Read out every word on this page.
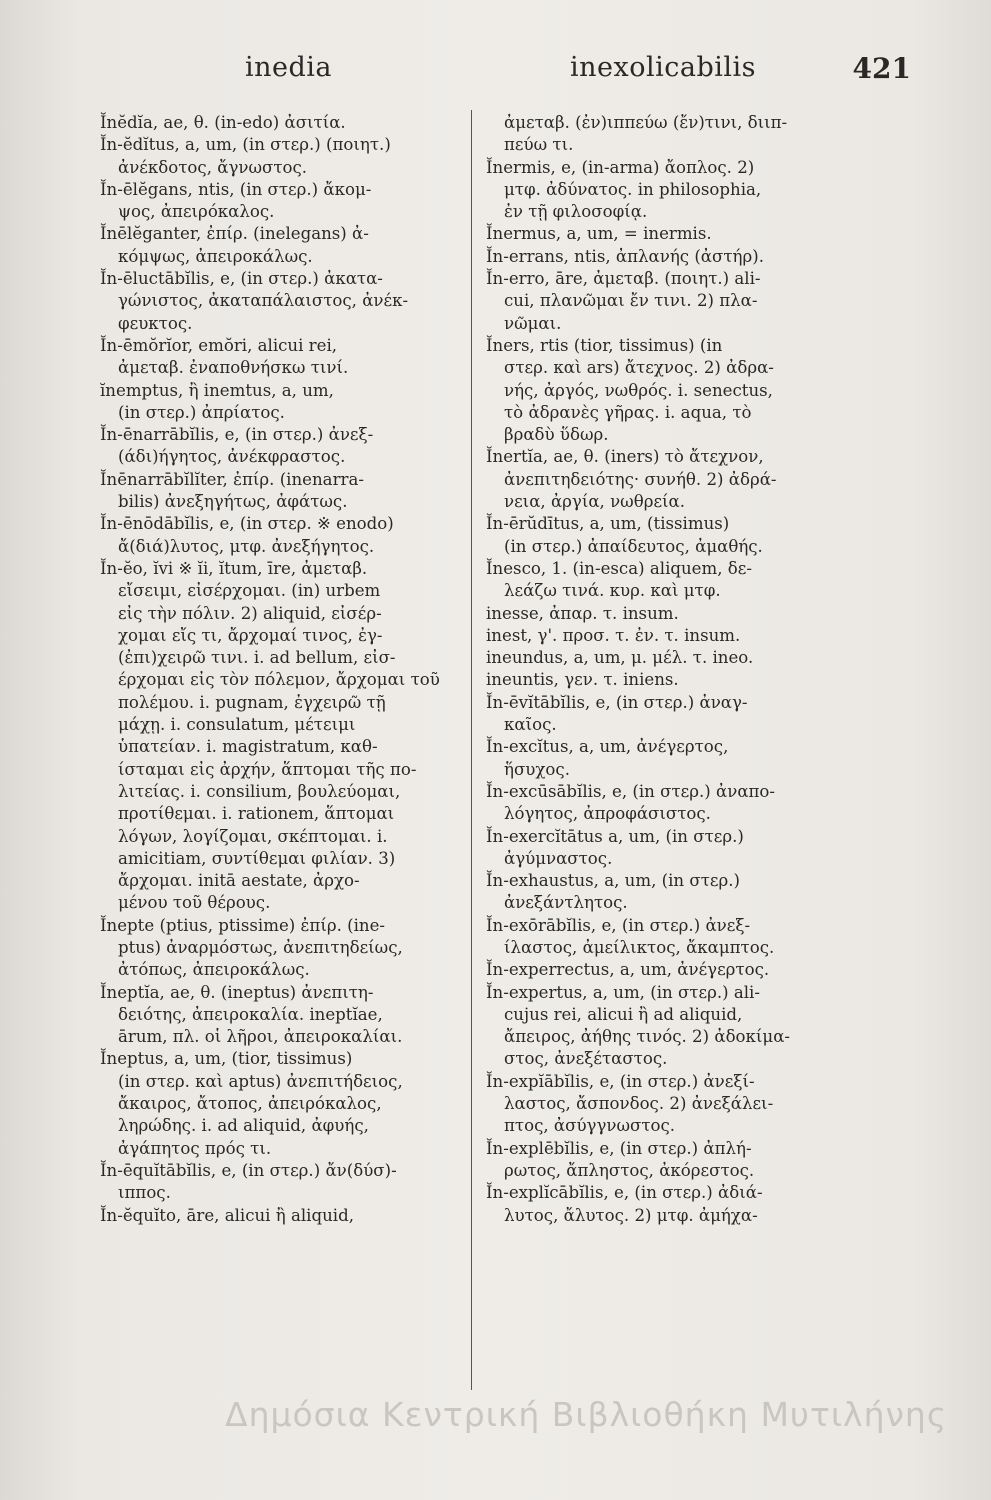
inedia	inexolicabilis	421
Ĭnĕdĭa, ae, θ. (in-edo) ἀσιτία.
Ĭn-ĕdĭtus, a, um, (in στερ.) (ποιητ.)
ἀνέκδοτος, ἄγνωστος.
Ĭn-ēlĕgans, ntis, (in στερ.) ἄκομ-
ψος, ἀπειρόκαλος.
Ĭnēlĕganter, ἐπίρ. (inelegans) ἀ-
κόμψως, ἀπειροκάλως.
Ĭn-ēluctābĭlis, e, (in στερ.) ἀκατα-
γώνιστος, ἀκαταπάλαιστος, ἀνέκ-
φευκτος.
Ĭn-ēmŏrĭor, emŏri, alicui rei,
ἀμεταβ. ἐναποθνήσκω τινί.
ĭnemptus, ἢ inemtus, a, um,
(in στερ.) ἀπρίατος.
Ĭn-ēnarrābĭlis, e, (in στερ.) ἀνεξ-
(άδι)ήγητος, ἀνέκφραστος.
Ĭnēnarrābĭlĭter, ἐπίρ. (inenarra-
bilis) ἀνεξηγήτως, ἀφάτως.
Ĭn-ēnōdābĭlis, e, (in στερ. ※ enodo)
ἄ(διά)λυτος, μτφ. ἀνεξήγητος.
Ĭn-ĕo, ĭvi ※ ĭi, ĭtum, īre, ἀμεταβ.
εἴσειμι, εἰσέρχομαι. (in) urbem
εἰς τὴν πόλιν. 2) aliquid, εἰσέρ-
χομαι εἴς τι, ἄρχομαί τινος, ἐγ-
(ἐπι)χειρῶ τινι. i. ad bellum, εἰσ-
έρχομαι εἰς τὸν πόλεμον, ἄρχομαι τοῦ
πολέμου. i. pugnam, ἐγχειρῶ τῇ
μάχῃ. i. consulatum, μέτειμι
ὑπατείαν. i. magistratum, καθ-
ίσταμαι εἰς ἀρχήν, ἅπτομαι τῆς πο-
λιτείας. i. consilium, βουλεύομαι,
προτίθεμαι. i. rationem, ἅπτομαι
λόγων, λογίζομαι, σκέπτομαι. i.
amicitiam, συντίθεμαι φιλίαν. 3)
ἄρχομαι. initā aestate, ἀρχο-
μένου τοῦ θέρους.
Ĭnepte (ptius, ptissime) ἐπίρ. (ine-
ptus) ἀναρμόστως, ἀνεπιτηδείως,
ἀτόπως, ἀπειροκάλως.
Ĭneptĭa, ae, θ. (ineptus) ἀνεπιτη-
δειότης, ἀπειροκαλία. ineptĭae,
ārum, πλ. οἱ λῆροι, ἀπειροκαλίαι.
Ĭneptus, a, um, (tior, tissimus)
(in στερ. καὶ aptus) ἀνεπιτήδειος,
ἄκαιρος, ἄτοπος, ἀπειρόκαλος,
ληρώδης. i. ad aliquid, ἀφυής,
ἀγάπητος πρός τι.
Ĭn-ēquĭtābĭlis, e, (in στερ.) ἄν(δύσ)-
ιππος.
Ĭn-ĕquĭto, āre, alicui ἢ aliquid,
ἀμεταβ. (ἐν)ιππεύω (ἔν)τινι, διιπ-
πεύω τι.
Ĭnermis, e, (in-arma) ἄοπλος. 2)
μτφ. ἀδύνατος. in philosophia,
ἐν τῇ φιλοσοφίᾳ.
Ĭnermus, a, um, = inermis.
Ĭn-errans, ntis, ἀπλανής (ἀστήρ).
Ĭn-erro, āre, ἀμεταβ. (ποιητ.) ali-
cui, πλανῶμαι ἔν τινι. 2) πλα-
νῶμαι.
Ĭners, rtis (tior, tissimus) (in
στερ. καὶ ars) ἄτεχνος. 2) ἀδρα-
νής, ἀργός, νωθρός. i. senectus,
τὸ ἀδρανὲς γῆρας. i. aqua, τὸ
βραδὺ ὕδωρ.
Ĭnertĭa, ae, θ. (iners) τὸ ἄτεχνον,
ἀνεπιτηδειότης· συνήθ. 2) ἀδρά-
νεια, ἀργία, νωθρεία.
Ĭn-ērŭdītus, a, um, (tissimus)
(in στερ.) ἀπαίδευτος, ἀμαθής.
Ĭnesco, 1. (in-esca) aliquem, δε-
λεάζω τινά. κυρ. καὶ μτφ.
inesse, ἀπαρ. τ. insum.
inest, γ'. προσ. τ. ἐν. τ. insum.
ineundus, a, um, μ. μέλ. τ. ineo.
ineuntis, γεν. τ. iniens.
Ĭn-ēvĭtābĭlis, e, (in στερ.) ἀναγ-
καῖος.
Ĭn-excĭtus, a, um, ἀνέγερτος,
ἥσυχος.
Ĭn-excūsābĭlis, e, (in στερ.) ἀναπο-
λόγητος, ἀπροφάσιστος.
Ĭn-exercĭtātus a, um, (in στερ.)
ἀγύμναστος.
Ĭn-exhaustus, a, um, (in στερ.)
ἀνεξάντλητος.
Ĭn-exōrābĭlis, e, (in στερ.) ἀνεξ-
ίλαστος, ἀμείλικτος, ἄκαμπτος.
Ĭn-experrectus, a, um, ἀνέγερτος.
Ĭn-expertus, a, um, (in στερ.) ali-
cujus rei, alicui ἢ ad aliquid,
ἄπειρος, ἀήθης τινός. 2) ἀδοκίμα-
στος, ἀνεξέταστος.
Ĭn-expĭābĭlis, e, (in στερ.) ἀνεξί-
λαστος, ἄσπονδος. 2) ἀνεξάλει-
πτος, ἀσύγγνωστος.
Ĭn-explēbĭlis, e, (in στερ.) ἀπλή-
ρωτος, ἄπληστος, ἀκόρεστος.
Ĭn-explĭcābĭlis, e, (in στερ.) ἀδιά-
λυτος, ἄλυτος. 2) μτφ. ἀμήχα-
Δημόσια Κεντρική Βιβλιοθήκη Μυτιλήνης
